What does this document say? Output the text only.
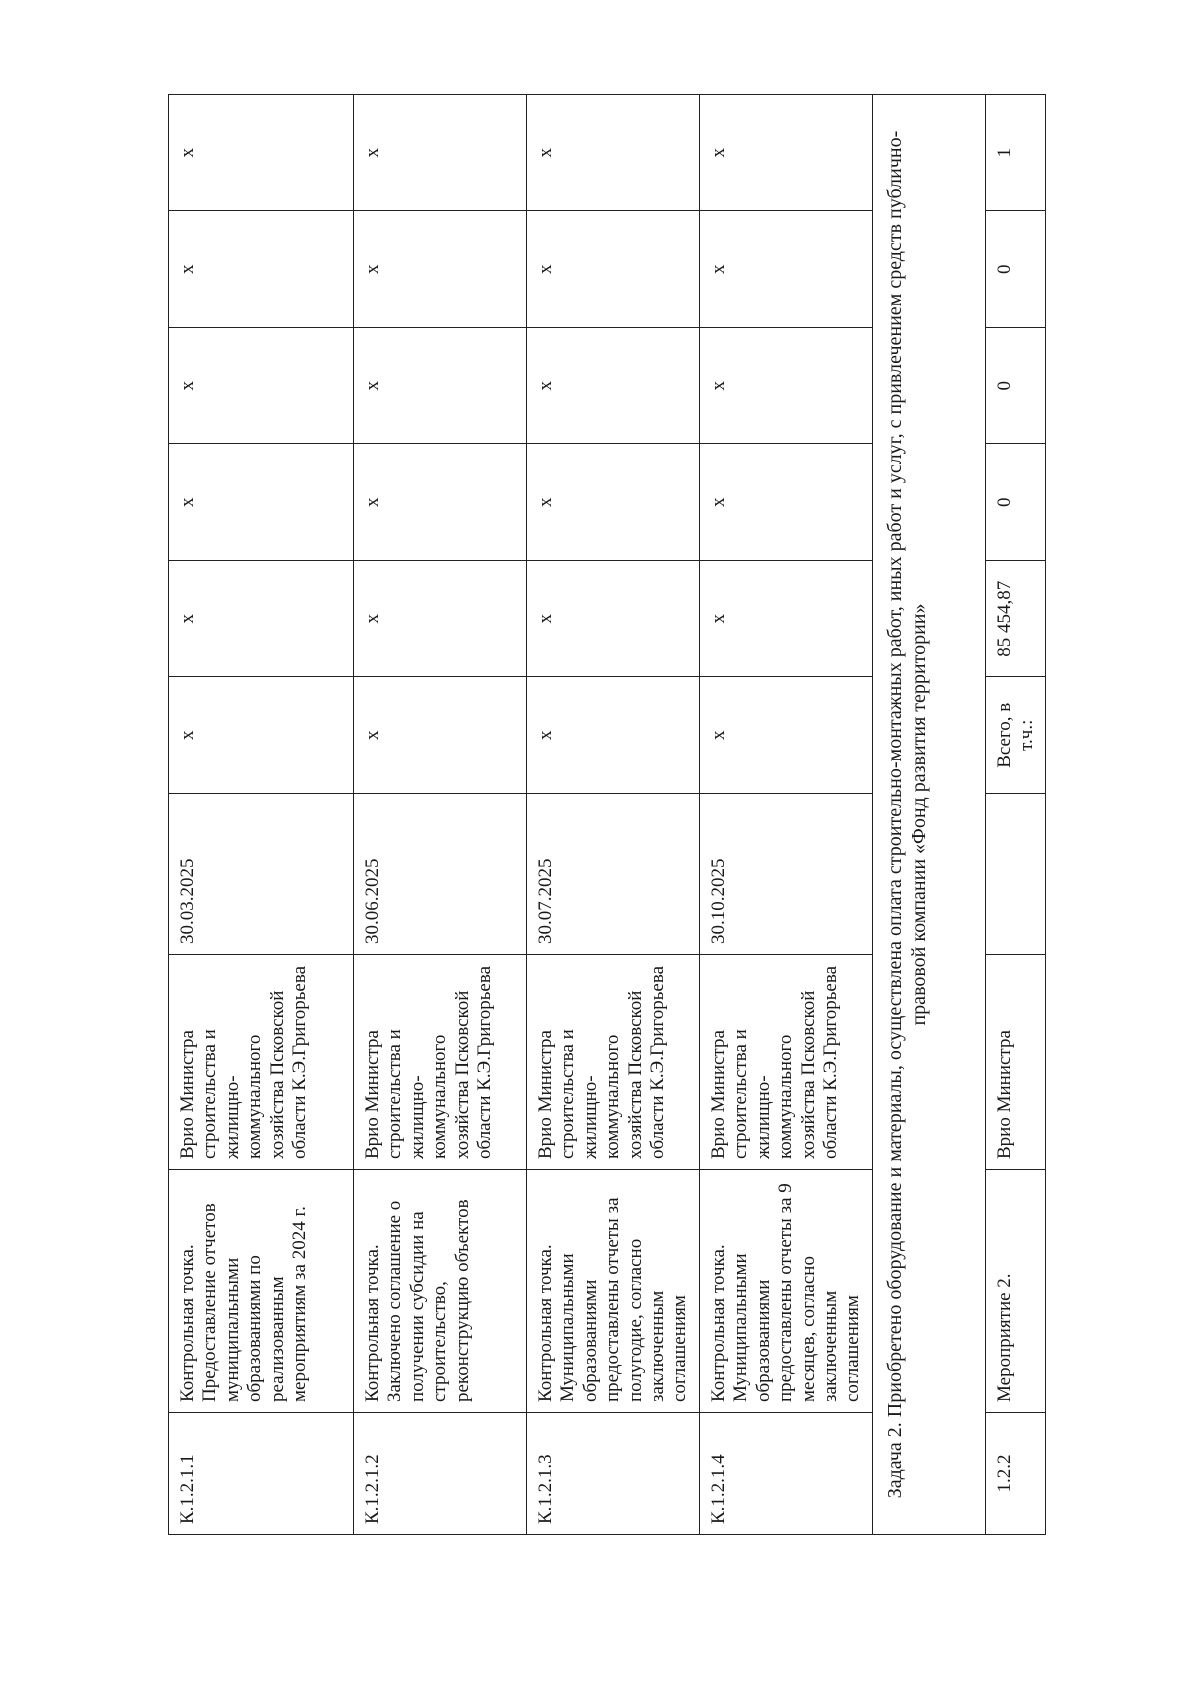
К.1.2.1.1	Контрольная точка. Предоставление отчетов муниципальными образованиями по реализованным мероприятиям за 2024 г.	Врио Министра строительства и жилищно-коммунального хозяйства Псковской области К.Э.Григорьева	30.03.2025	x	x	x	x	x	x
К.1.2.1.2	Контрольная точка. Заключено соглашение о получении субсидии на строительство, реконструкцию объектов	Врио Министра строительства и жилищно-коммунального хозяйства Псковской области К.Э.Григорьева	30.06.2025	x	x	x	x	x	x
К.1.2.1.3	Контрольная точка. Муниципальными образованиями предоставлены отчеты за полугодие, согласно заключенным соглашениям	Врио Министра строительства и жилищно-коммунального хозяйства Псковской области К.Э.Григорьева	30.07.2025	x	x	x	x	x	x
К.1.2.1.4	Контрольная точка. Муниципальными образованиями предоставлены отчеты за 9 месяцев, согласно заключенным соглашениям	Врио Министра строительства и жилищно-коммунального хозяйства Псковской области К.Э.Григорьева	30.10.2025	x	x	x	x	x	x
Задача 2. Приобретено оборудование и материалы, осуществлена оплата строительно-монтажных работ, иных работ и услуг, с привлечением средств публично-правовой компании «Фонд развития территории»									
1.2.2	Мероприятие 2.	Врио Министра		Всего, в т.ч.:	85 454,87	0	0	0	1
